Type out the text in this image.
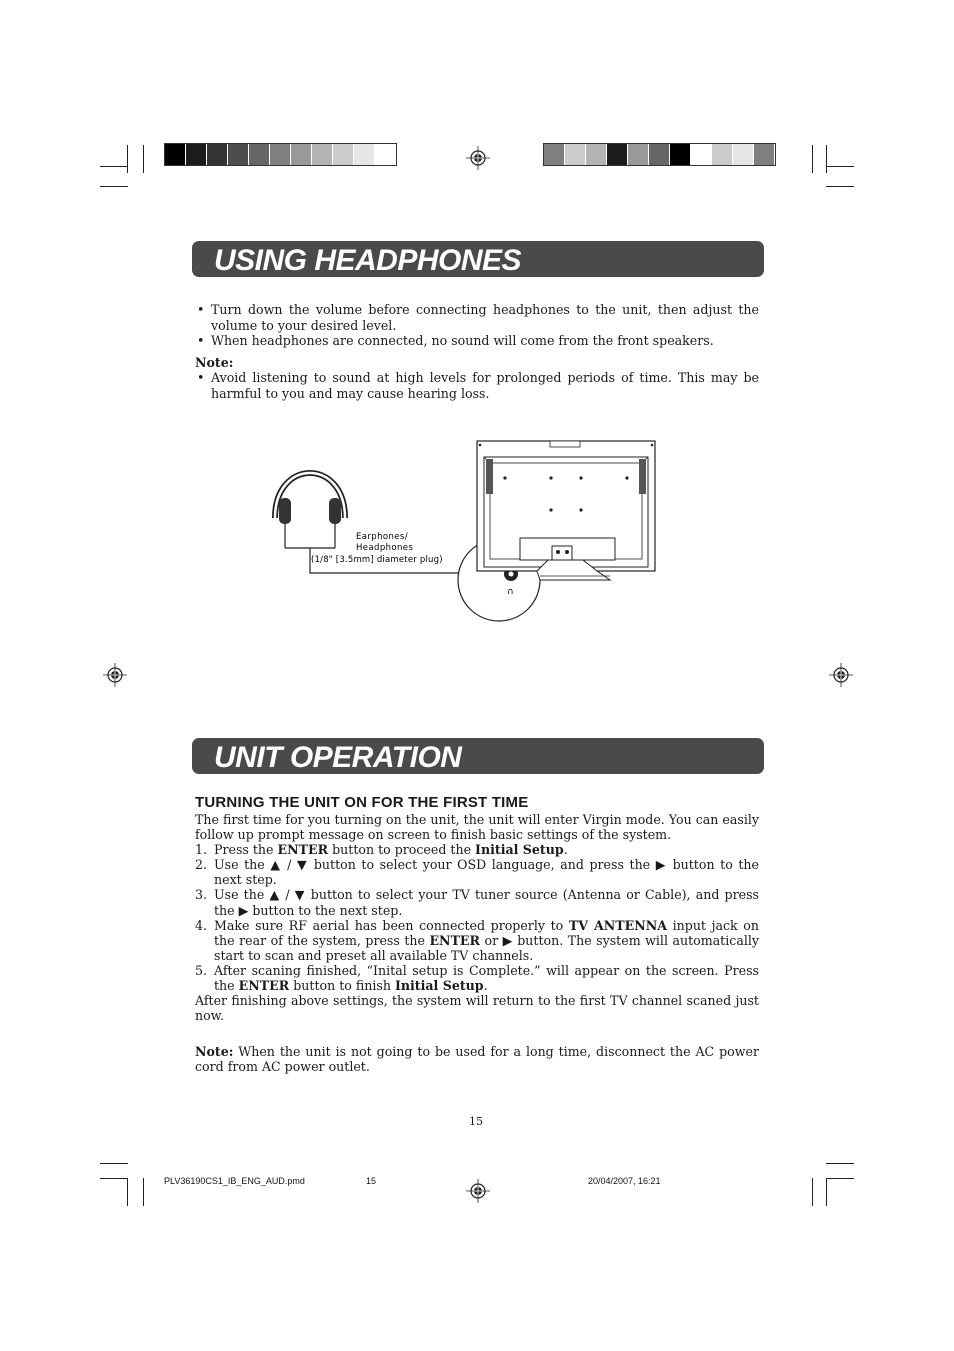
USING HEADPHONES
• Turn down the volume before connecting headphones to the unit, then adjust the volume to your desired level.
• When headphones are connected, no sound will come from the front speakers.
Note:
• Avoid listening to sound at high levels for prolonged periods of time. This may be harmful to you and may cause hearing loss.
∩
Earphones/
Headphones
(1/8" [3.5mm] diameter plug)
UNIT OPERATION
TURNING THE UNIT ON FOR THE FIRST TIME
The first time for you turning on the unit, the unit will enter Virgin mode. You can easily follow up prompt message on screen to finish basic settings of the system.
1. Press the ENTER button to proceed the Initial Setup.
2. Use the ▲ / ▼ button to select your OSD language, and press the ▶ button to the next step.
3. Use the ▲ / ▼ button to select your TV tuner source (Antenna or Cable), and press the ▶ button to the next step.
4. Make sure RF aerial has been connected properly to TV ANTENNA input jack on the rear of the system, press the ENTER or ▶ button. The system will automatically start to scan and preset all available TV channels.
5. After scaning finished, “Inital setup is Complete.” will appear on the screen. Press the ENTER button to finish Initial Setup.
After finishing above settings, the system will return to the first TV channel scaned just now.
Note: When the unit is not going to be used for a long time, disconnect the AC power cord from AC power outlet.
15
PLV36190CS1_IB_ENG_AUD.pmd	15	20/04/2007, 16:21
